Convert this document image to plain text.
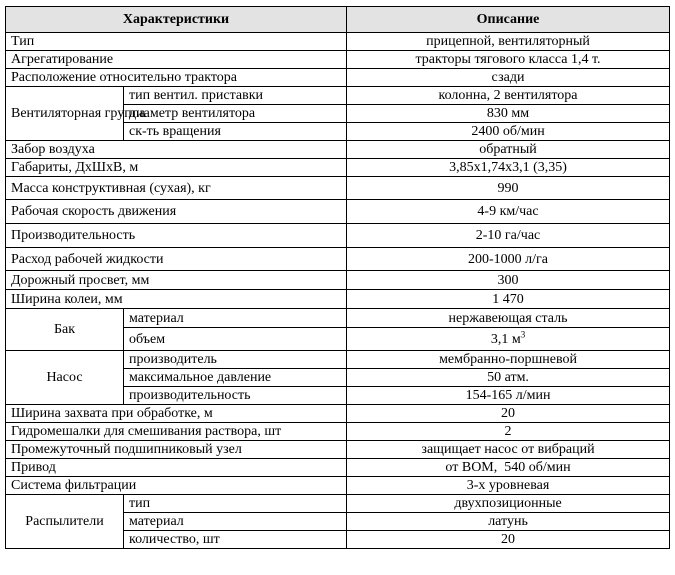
Характеристики		Описание
Тип		прицепной, вентиляторный
Агрегатирование		тракторы тягового класса 1,4 т.
Расположение относительно трактора		сзади
Вентиляторная группа	тип вентил. приставки	колонна, 2 вентилятора
	диаметр вентилятора	830 мм
	ск-ть вращения	2400 об/мин
Забор воздуха		обратный
Габариты, ДхШхВ, м		3,85х1,74х3,1 (3,35)
Масса конструктивная (сухая), кг		990
Рабочая скорость движения		4-9 км/час
Производительность		2-10 га/час
Расход рабочей жидкости		200-1000 л/га
Дорожный просвет, мм		300
Ширина колеи, мм		1 470
Бак	материал	нержавеющая сталь
	объем	3,1 $м^3$
Насос	производитель	мембранно-поршневой
	максимальное давление	50 атм.
	производительность	154-165 л/мин
Ширина захвата при обработке, м		20
Гидромешалки для смешивания раствора, шт		2
Промежуточный подшипниковый узел		защищает насос от вибраций
Привод		от ВОМ,  540 об/мин
Система фильтрации		3-х уровневая
Распылители	тип	двухпозиционные
	материал	латунь
	количество, шт	20
